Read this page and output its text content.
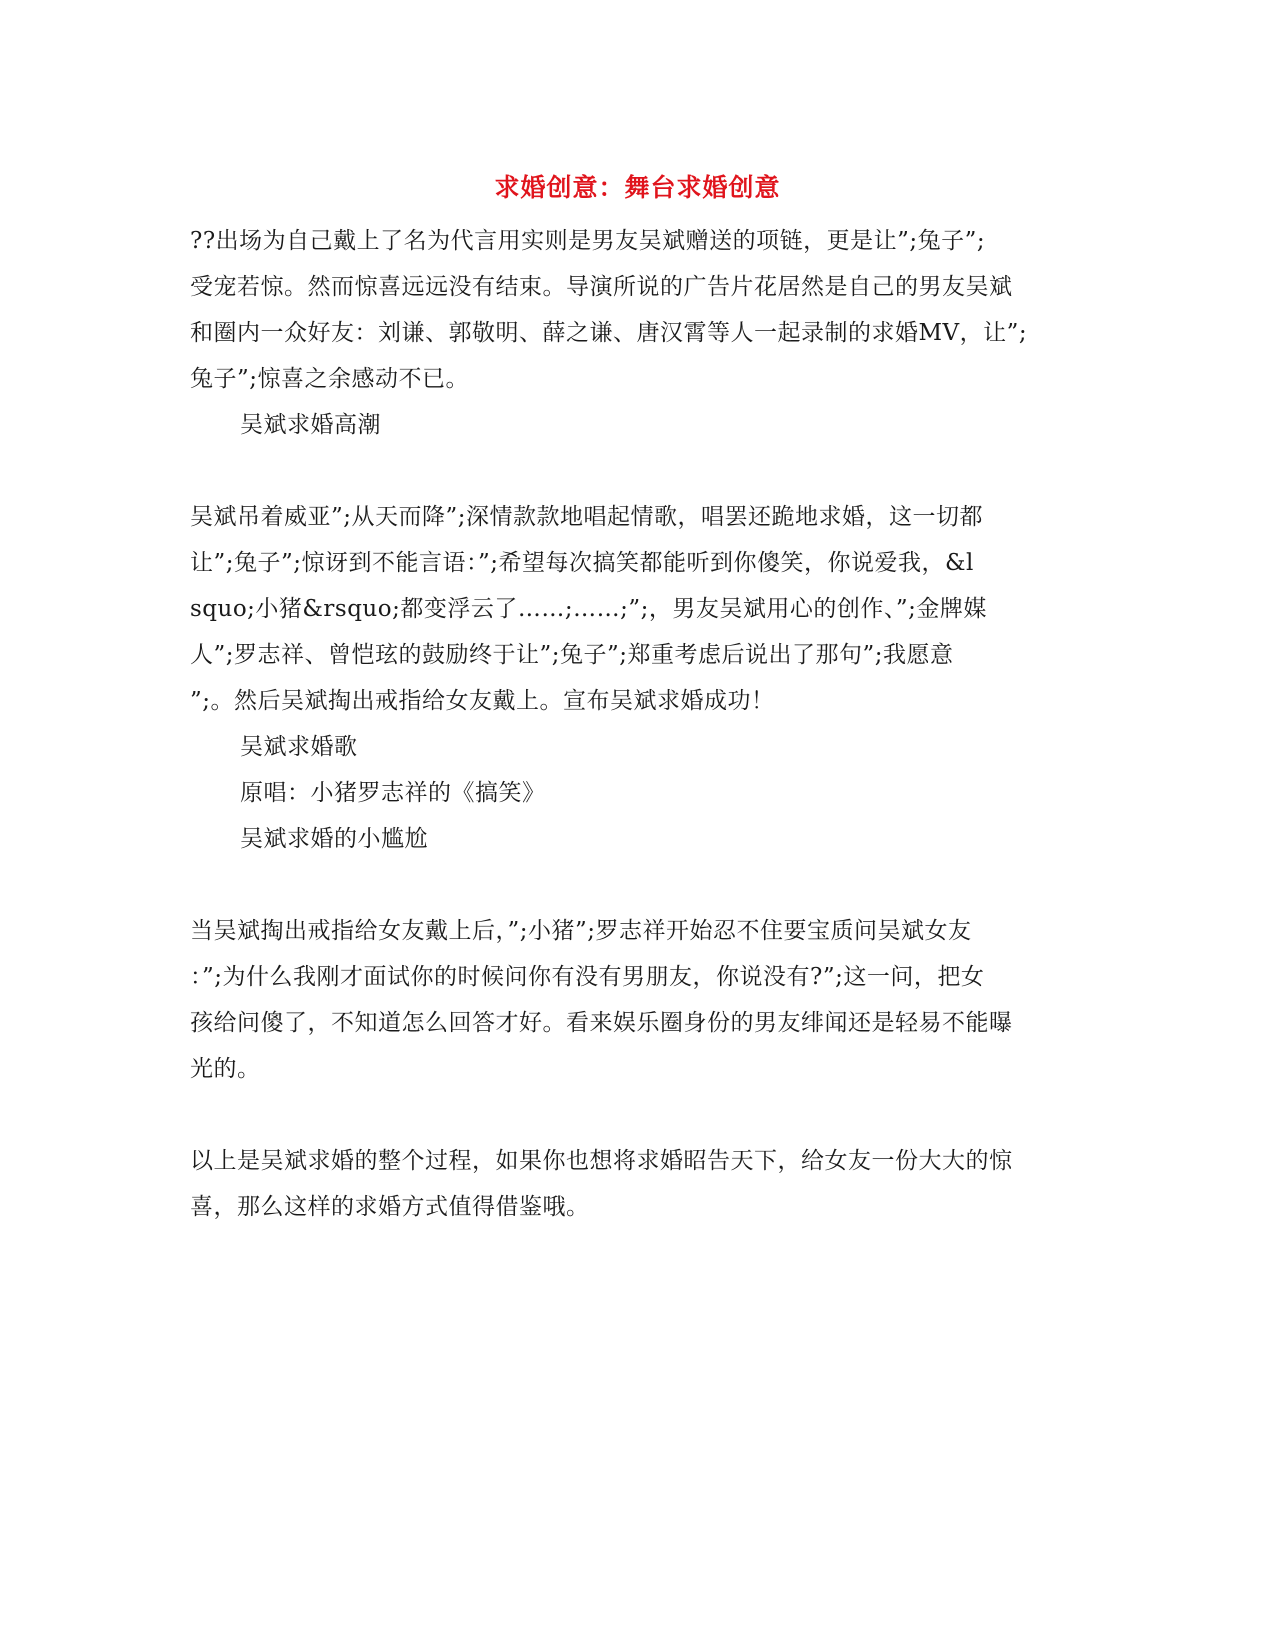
求婚创意：舞台求婚创意
??出场为自己戴上了名为代言用实则是男友吴斌赠送的项链，更是让”;兔子”;
受宠若惊。然而惊喜远远没有结束。导演所说的广告片花居然是自己的男友吴斌
和圈内一众好友：刘谦、郭敬明、薛之谦、唐汉霄等人一起录制的求婚MV，让”;
兔子”;惊喜之余感动不已。
吴斌求婚高潮
吴斌吊着威亚”;从天而降”;深情款款地唱起情歌，唱罢还跪地求婚，这一切都
让”;兔子”;惊讶到不能言语：”;希望每次搞笑都能听到你傻笑，你说爱我，&l
squo;小猪&rsquo;都变浮云了……;……;”;，男友吴斌用心的创作、”;金牌媒
人”;罗志祥、曾恺玹的鼓励终于让”;兔子”;郑重考虑后说出了那句”;我愿意
”;。然后吴斌掏出戒指给女友戴上。宣布吴斌求婚成功！
吴斌求婚歌
原唱：小猪罗志祥的《搞笑》
吴斌求婚的小尴尬
当吴斌掏出戒指给女友戴上后，”;小猪”;罗志祥开始忍不住要宝质问吴斌女友
：”;为什么我刚才面试你的时候问你有没有男朋友，你说没有?”;这一问，把女
孩给问傻了，不知道怎么回答才好。看来娱乐圈身份的男友绯闻还是轻易不能曝
光的。
以上是吴斌求婚的整个过程，如果你也想将求婚昭告天下，给女友一份大大的惊
喜，那么这样的求婚方式值得借鉴哦。
